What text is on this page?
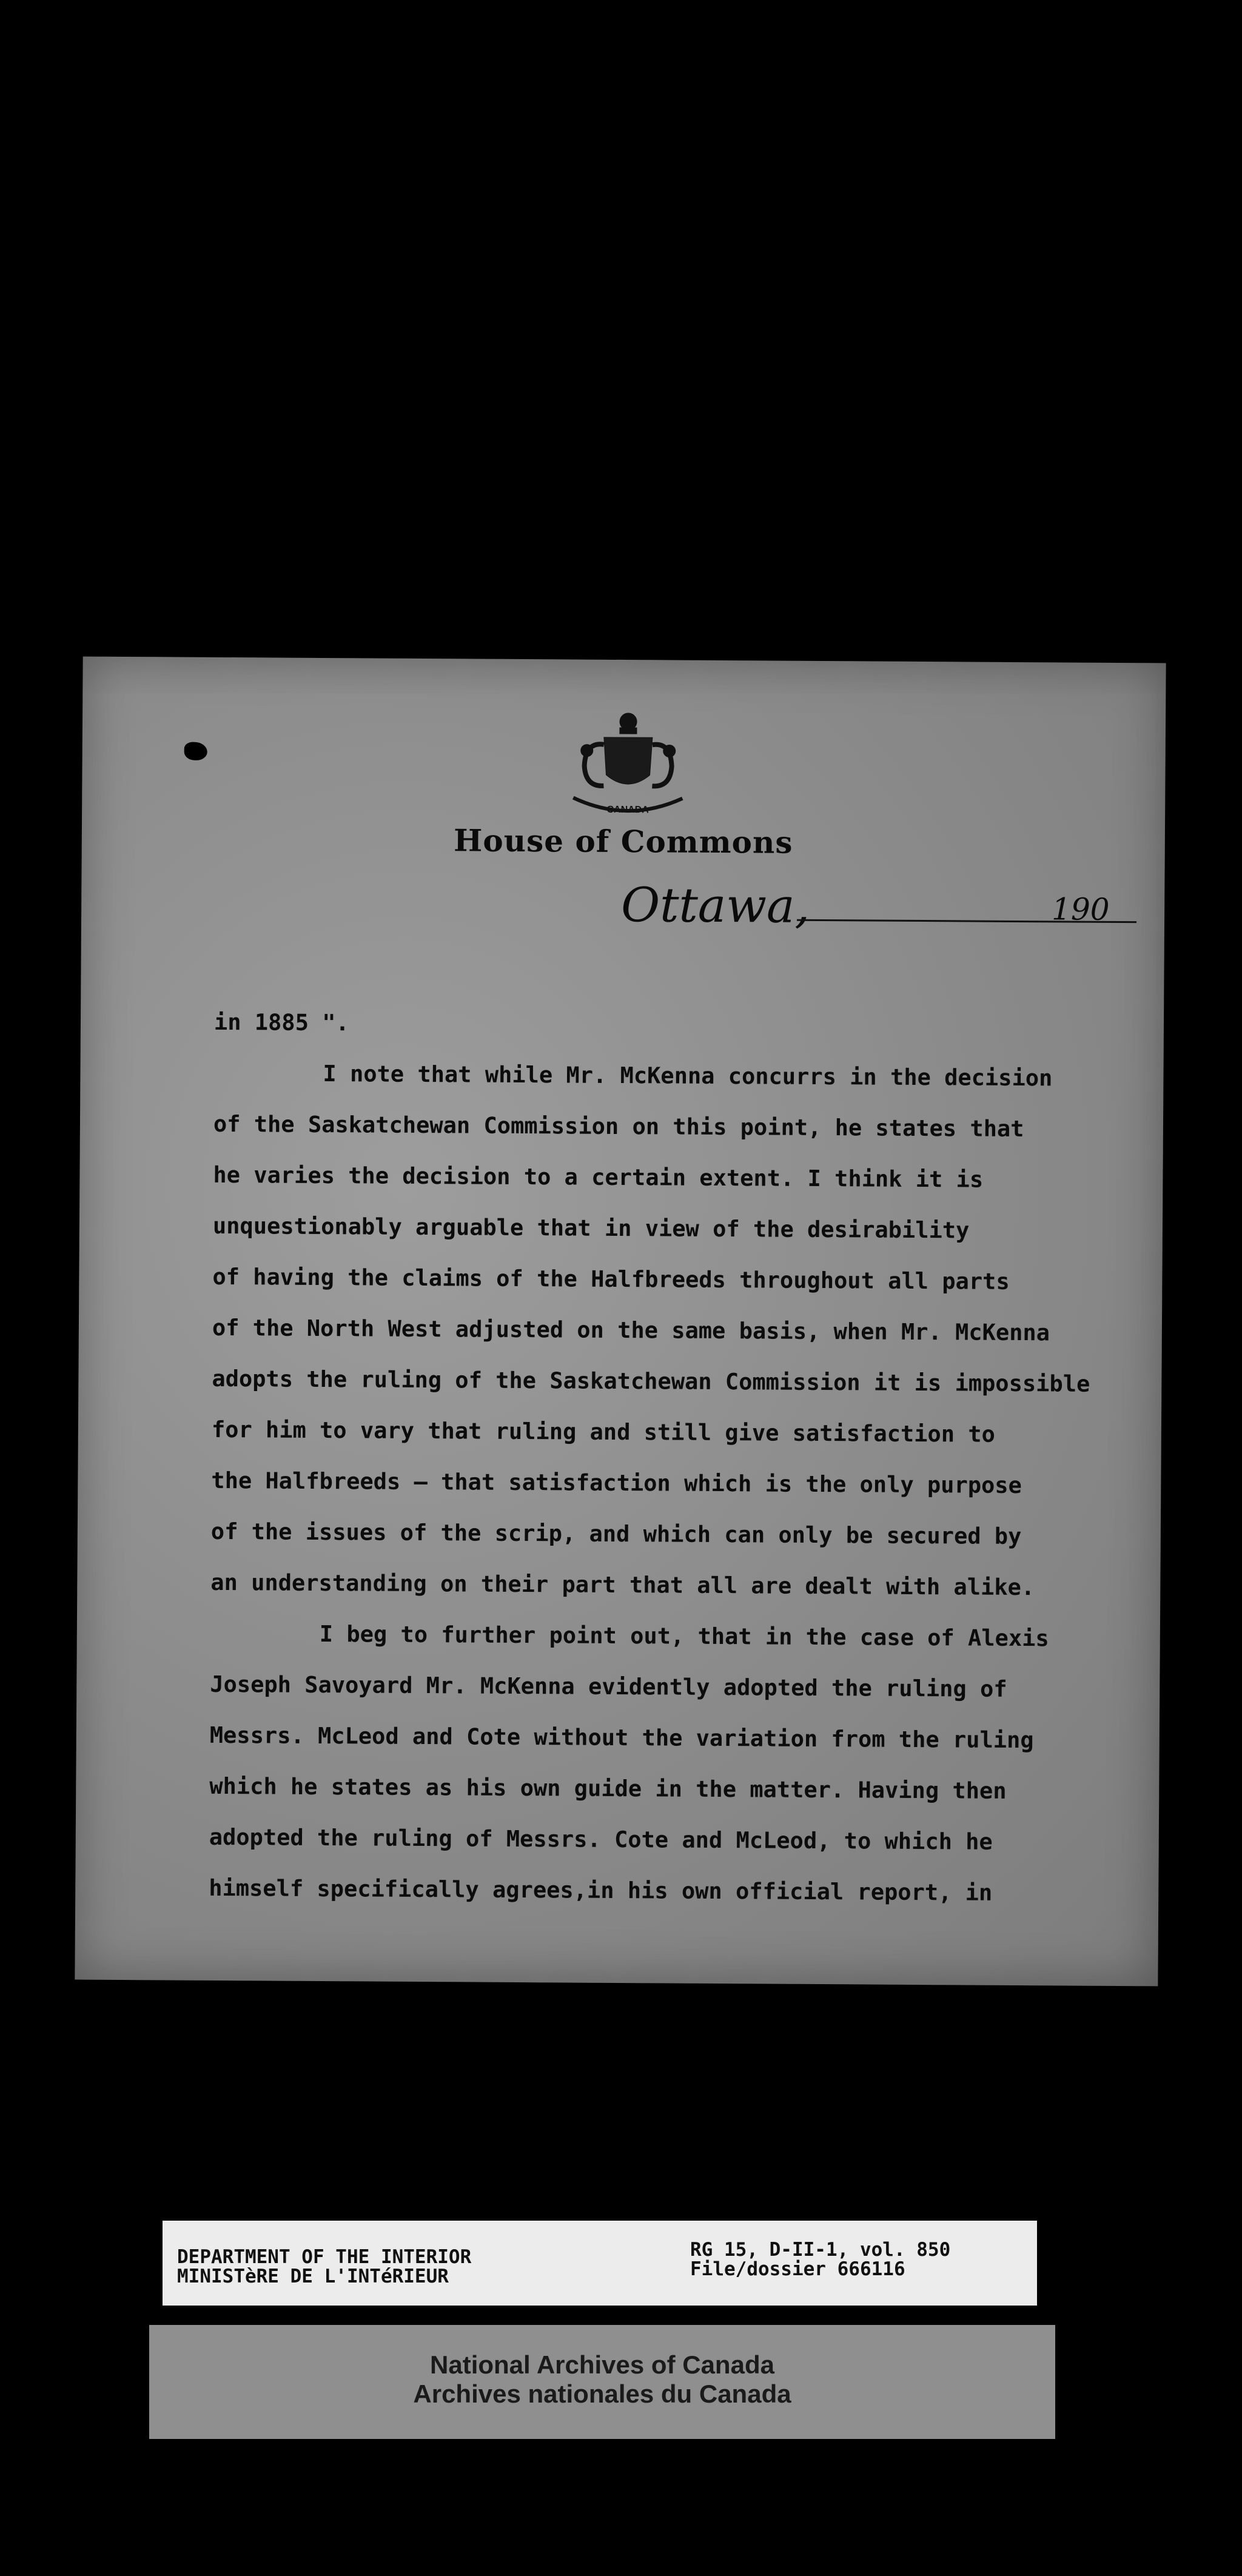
CANADA
House of Commons
Ottawa,	190
in 1885 ".
I note that while Mr. McKenna concurrs in the decision
of the Saskatchewan Commission on this point, he states that
he varies the decision to a certain extent. I think it is
unquestionably arguable that in view of the desirability
of having the claims of the Halfbreeds throughout all parts
of the North West adjusted on the same basis, when Mr. McKenna
adopts the ruling of the Saskatchewan Commission it is impossible
for him to vary that ruling and still give satisfaction to
the Halfbreeds — that satisfaction which is the only purpose
of the issues of the scrip, and which can only be secured by
an understanding on their part that all are dealt with alike.
I beg to further point out, that in the case of Alexis
Joseph Savoyard Mr. McKenna evidently adopted the ruling of
Messrs. McLeod and Cote without the variation from the ruling
which he states as his own guide in the matter. Having then
adopted the ruling of Messrs. Cote and McLeod, to which he
himself specifically agrees,in his own official report, in
DEPARTMENT OF THE INTERIOR
MINISTèRE DE L'INTéRIEUR
RG 15, D-II-1, vol. 850
File/dossier 666116
National Archives of Canada
Archives nationales du Canada
